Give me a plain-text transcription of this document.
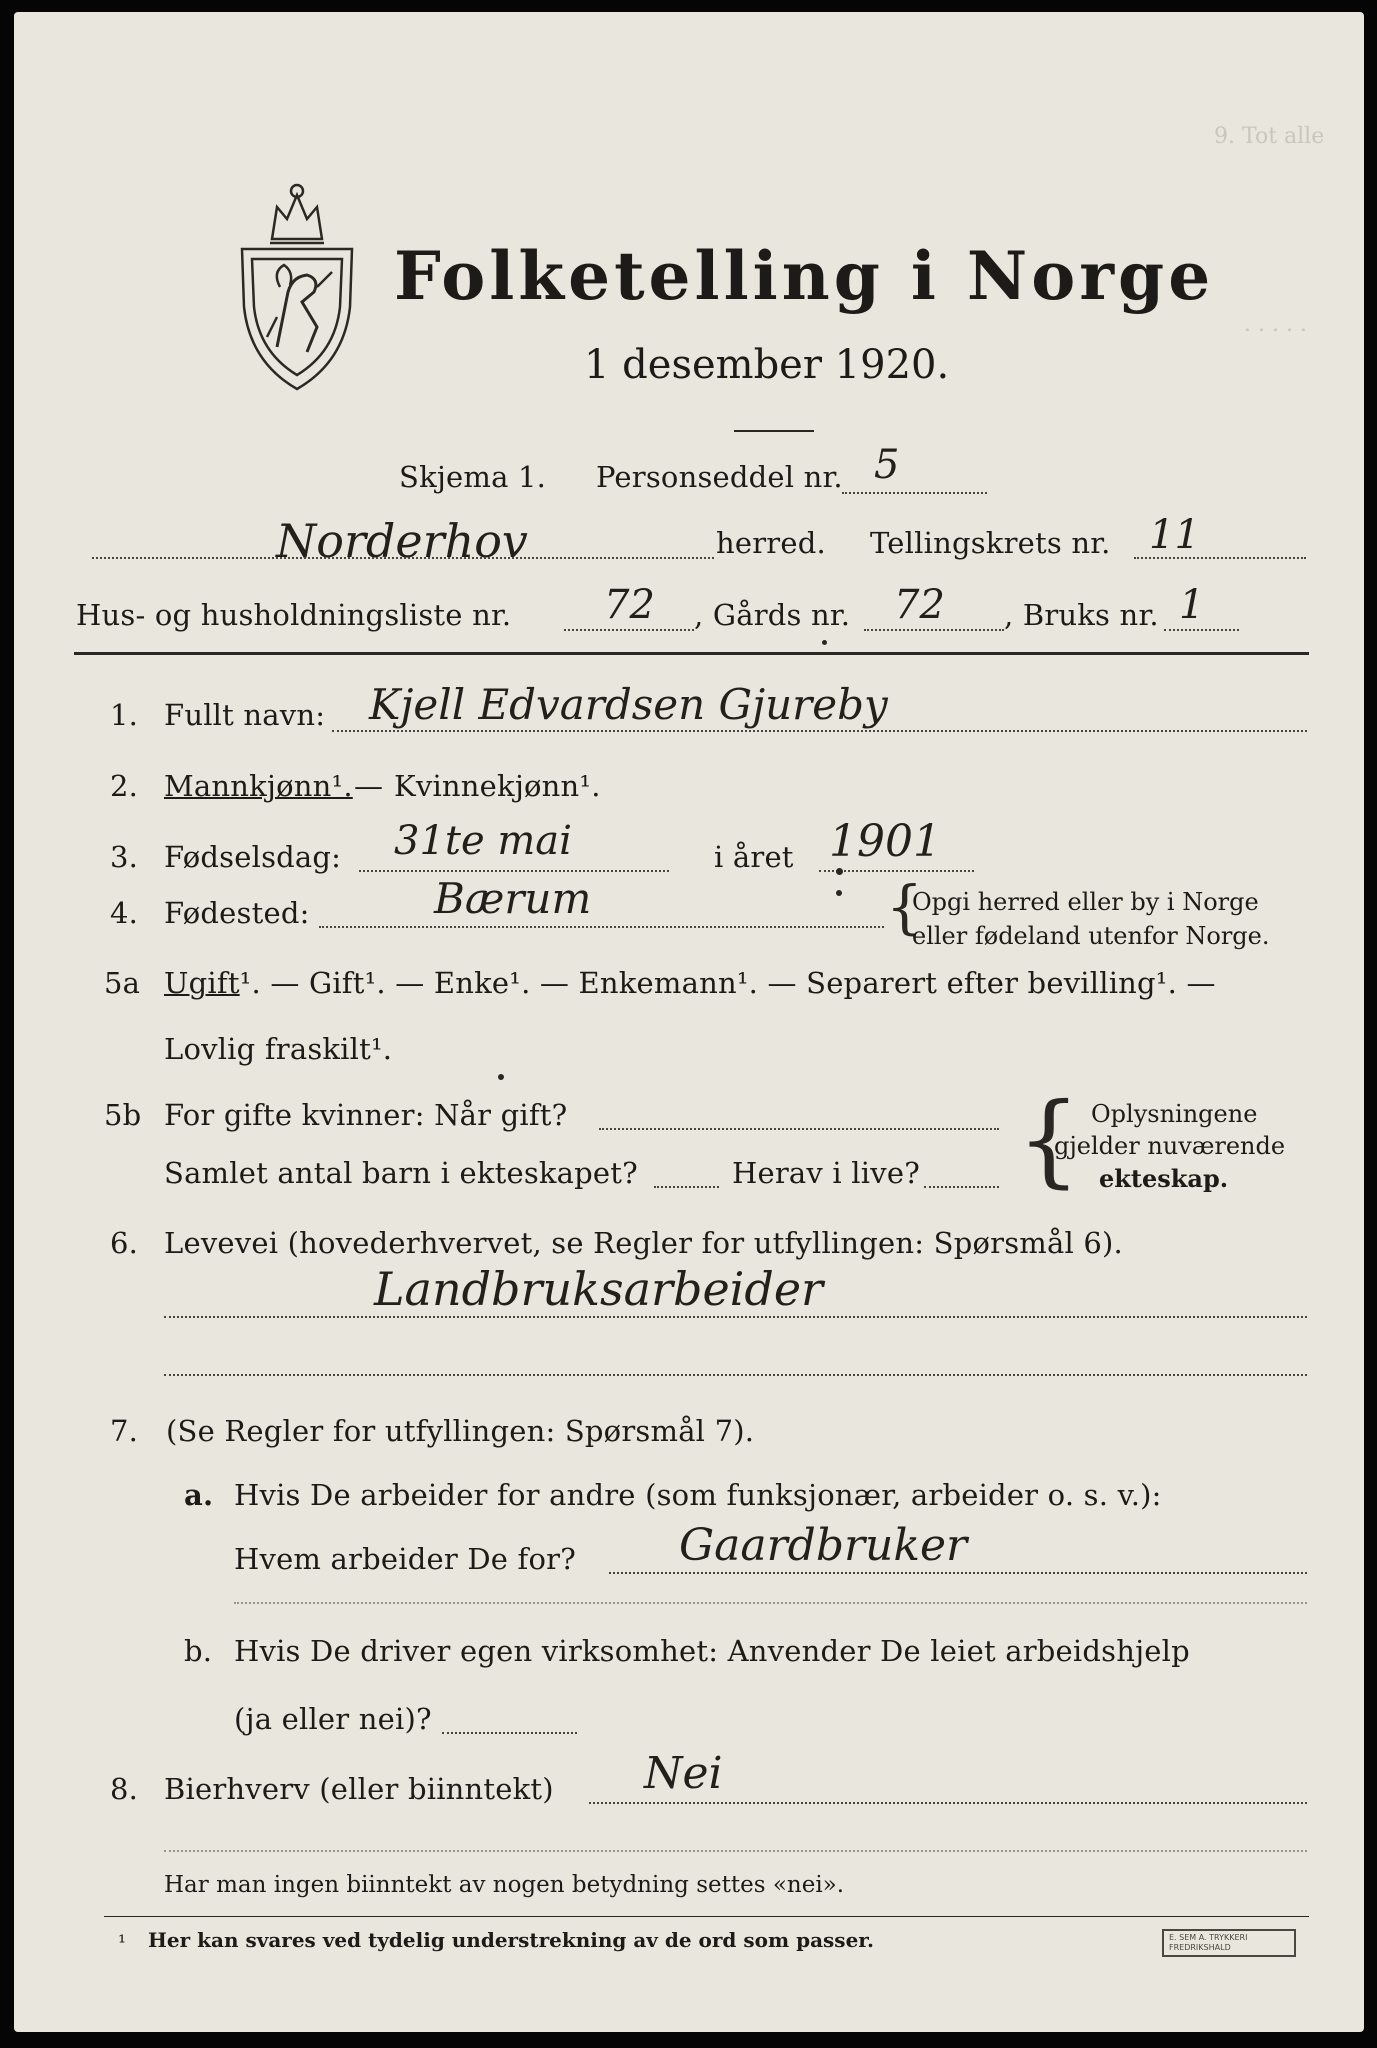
9. Tot alle
. . . . .
Folketelling i Norge
1 desember 1920.
Skjema 1. Personseddel nr. 5
Norderhov	herred. Tellingskrets nr. 11
Hus- og husholdningsliste nr. 72 , Gårds nr. 72 , Bruks nr. 1
1. Fullt navn: Kjell Edvardsen Gjureby
2. Mannkjønn¹. — Kvinnekjønn¹.
3. Fødselsdag: 31te mai	i året 1901
4. Fødested:	Bærum	{
Opgi herred eller by i Norge
eller fødeland utenfor Norge.
5a Ugift¹. — Gift¹. — Enke¹. — Enkemann¹. — Separert efter bevilling¹. —
Lovlig fraskilt¹.
5b For gifte kvinner: Når gift?
Samlet antal barn i ekteskapet?	Herav i live? { Oplysningene
gjelder nuværende
ekteskap.
6. Levevei (hovederhvervet, se Regler for utfyllingen: Spørsmål 6).
Landbruksarbeider
7. (Se Regler for utfyllingen: Spørsmål 7).
a. Hvis De arbeider for andre (som funksjonær, arbeider o. s. v.):
Hvem arbeider De for? Gaardbruker
b. Hvis De driver egen virksomhet: Anvender De leiet arbeidshjelp
(ja eller nei)?
8. Bierhverv (eller biinntekt) Nei
Har man ingen biinntekt av nogen betydning settes «nei».
¹ Her kan svares ved tydelig understrekning av de ord som passer.	E. SEM A. TRYKKERI FREDRIKSHALD
